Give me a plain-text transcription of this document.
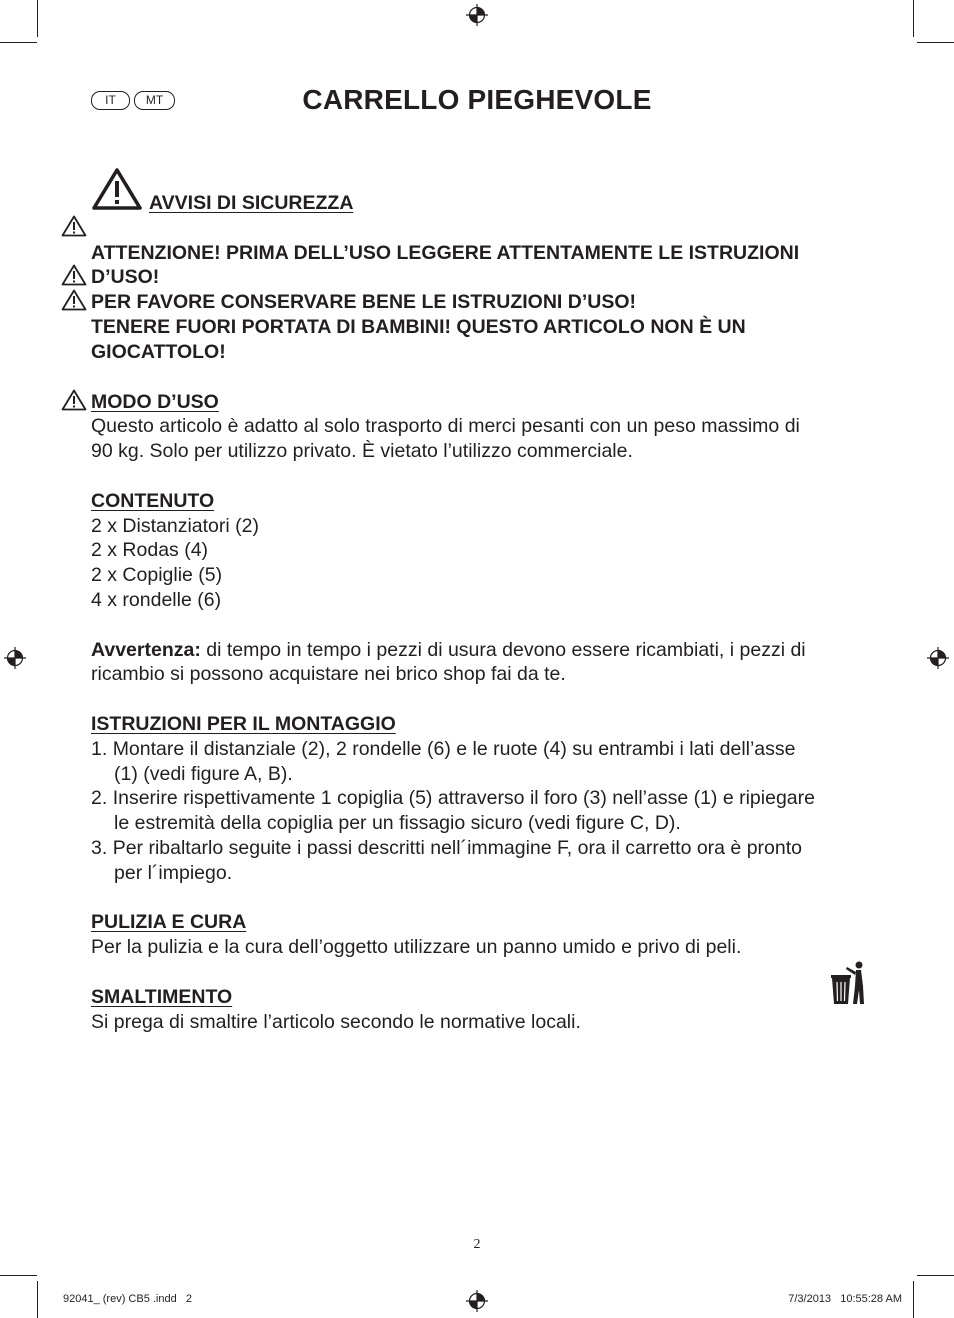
IT	MT	CARRELLO PIEGHEVOLE
AVVISI DI SICUREZZA
ATTENZIONE! PRIMA DELL’USO LEGGERE ATTENTAMENTE LE ISTRUZIONI
D’USO!
PER FAVORE CONSERVARE BENE LE ISTRUZIONI D’USO!
TENERE FUORI PORTATA DI BAMBINI! QUESTO ARTICOLO NON È UN
GIOCATTOLO!
MODO D’USO
Questo articolo è adatto al solo trasporto di merci pesanti con un peso massimo di
90 kg. Solo per utilizzo privato. È vietato l’utilizzo commerciale.
CONTENUTO
2 x Distanziatori (2)
2 x Rodas (4)
2 x Copiglie (5)
4 x rondelle (6)
Avvertenza: di tempo in tempo i pezzi di usura devono essere ricambiati, i pezzi di
ricambio si possono acquistare nei brico shop fai da te.
ISTRUZIONI PER IL MONTAGGIO
1. Montare il distanziale (2), 2 rondelle (6) e le ruote (4) su entrambi i lati dell’asse
(1) (vedi figure A, B).
2. Inserire rispettivamente 1 copiglia (5) attraverso il foro (3) nell’asse (1) e ripiegare
le estremità della copiglia per un fissagio sicuro (vedi figure C, D).
3. Per ribaltarlo seguite i passi descritti nell´immagine F, ora il carretto ora è pronto
per l´impiego.
PULIZIA E CURA
Per la pulizia e la cura dell’oggetto utilizzare un panno umido e privo di peli.
SMALTIMENTO
Si prega di smaltire l’articolo secondo le normative locali.
2
92041_ (rev) CB5 .indd   2	7/3/2013   10:55:28 AM
